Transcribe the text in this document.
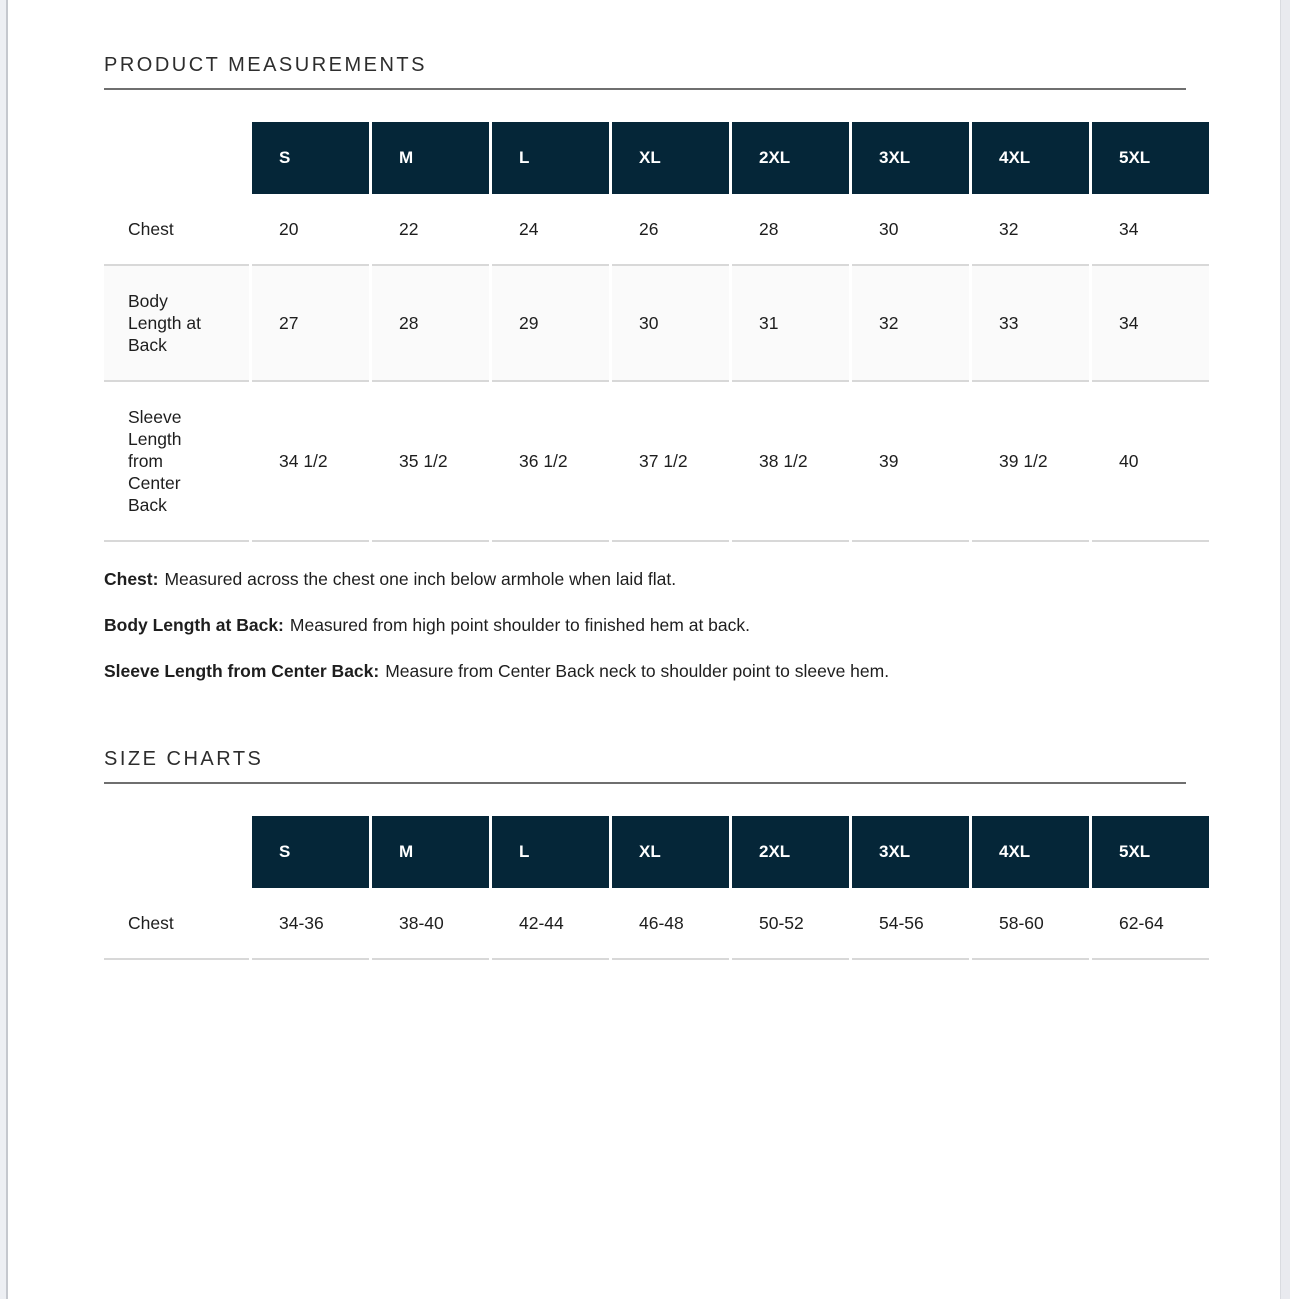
PRODUCT MEASUREMENTS
	S	M	L	XL	2XL	3XL	4XL	5XL
Chest	20	22	24	26	28	30	32	34
Body Length at Back	27	28	29	30	31	32	33	34
Sleeve Length from Center Back	34 1/2	35 1/2	36 1/2	37 1/2	38 1/2	39	39 1/2	40

Chest: Measured across the chest one inch below armhole when laid flat.

Body Length at Back: Measured from high point shoulder to finished hem at back.

Sleeve Length from Center Back: Measure from Center Back neck to shoulder point to sleeve hem.

SIZE CHARTS
	S	M	L	XL	2XL	3XL	4XL	5XL
Chest	34-36	38-40	42-44	46-48	50-52	54-56	58-60	62-64
